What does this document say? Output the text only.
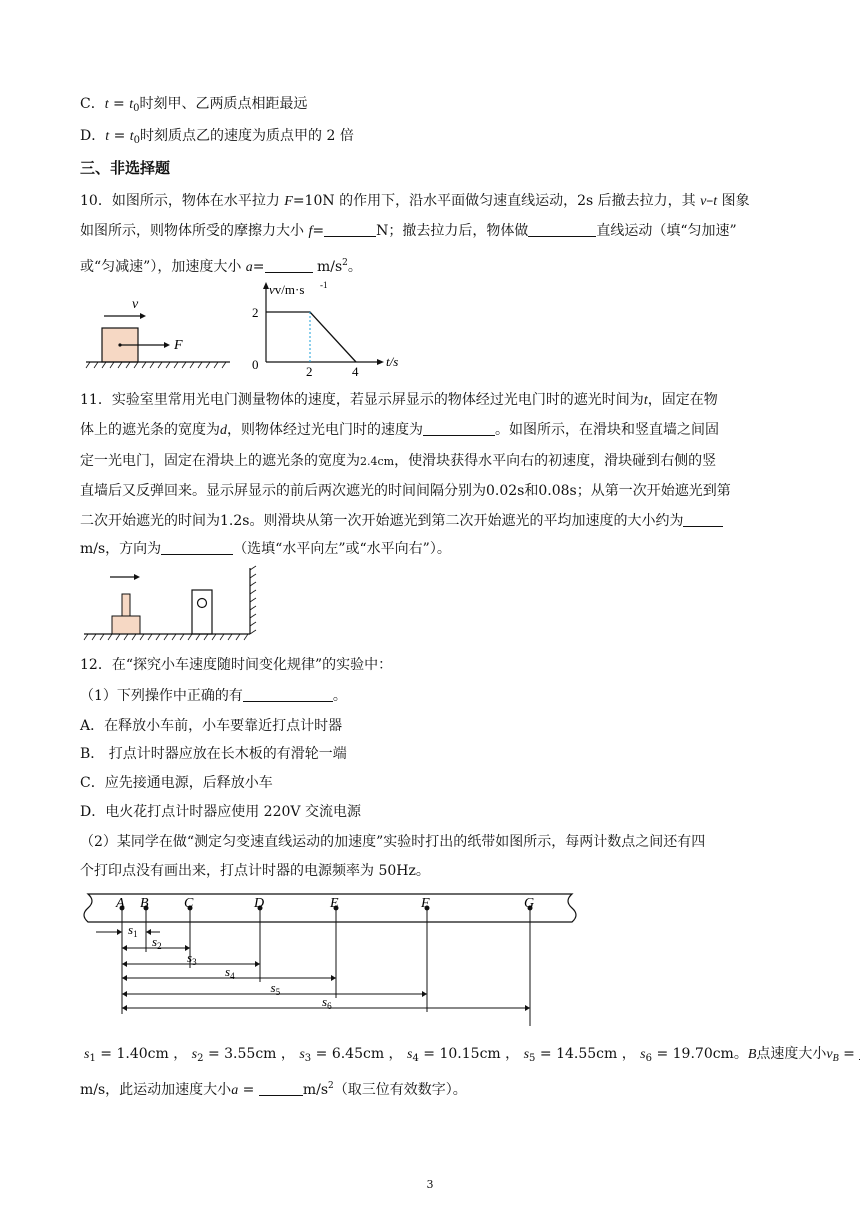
C．$t = t_0$时刻甲、乙两质点相距最远
D．$t = t_0$时刻质点乙的速度为质点甲的 2 倍
三、非选择题
10．如图所示，物体在水平拉力 F=10N 的作用下，沿水平面做匀速直线运动，2s 后撤去拉力，其 v–t 图象
如图所示，则物体所受的摩擦力大小 f=	N；撤去拉力后，物体做	直线运动（填“匀加速”
或“匀减速”），加速度大小 a=	$m/s^2$。
v
F
vv/m·s -1
t/s
2
0	2	4
11．实验室里常用光电门测量物体的速度，若显示屏显示的物体经过光电门时的遮光时间为t，固定在物
体上的遮光条的宽度为d，则物体经过光电门时的速度为	。如图所示，在滑块和竖直墙之间固
定一光电门，固定在滑块上的遮光条的宽度为2.4cm，使滑块获得水平向右的初速度，滑块碰到右侧的竖
直墙后又反弹回来。显示屏显示的前后两次遮光的时间间隔分别为0.02s和0.08s；从第一次开始遮光到第
二次开始遮光的时间为1.2s。则滑块从第一次开始遮光到第二次开始遮光的平均加速度的大小约为
m/s，方向为	（选填“水平向左”或“水平向右”）。
12．在“探究小车速度随时间变化规律”的实验中：
（1）下列操作中正确的有	。
A．在释放小车前，小车要靠近打点计时器
B． 打点计时器应放在长木板的有滑轮一端
C．应先接通电源，后释放小车
D．电火花打点计时器应使用 220V 交流电源
（2）某同学在做“测定匀变速直线运动的加速度”实验时打出的纸带如图所示，每两计数点之间还有四
个打印点没有画出来，打点计时器的电源频率为 50Hz。
A B	C	D	E	F	G
$s_1$ $s_2$
$s_3$
$s_4$
$s_5$
$s_6$
$s_1 = 1.40cm$ ， $s_2 = 3.55cm$ ， $s_3 = 6.45cm$ ， $s_4 = 10.15cm$ ， $s_5 = 14.55cm$ ， $s_6 = 19.70cm$。B点速度大小$v_B$ =
m/s，此运动加速度大小a =	$m/s^2$（取三位有效数字）。
3
